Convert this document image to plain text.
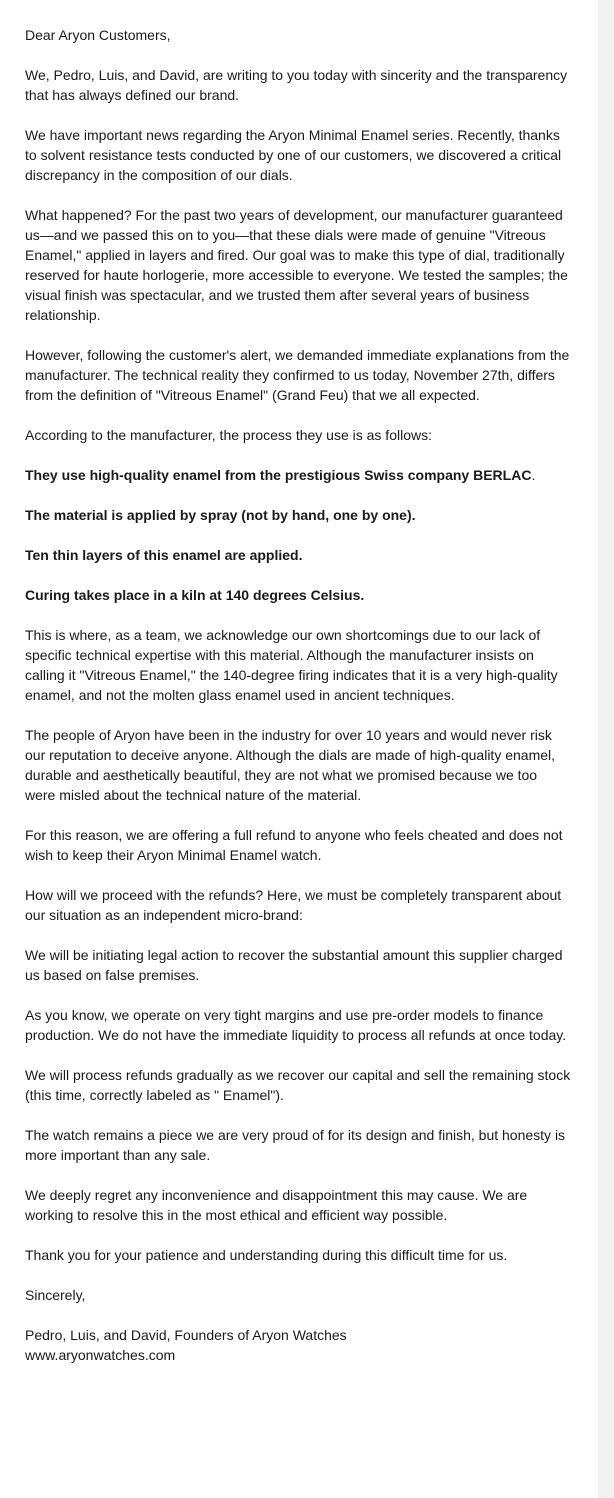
Dear Aryon Customers,

We, Pedro, Luis, and David, are writing to you today with sincerity and the transparency that has always defined our brand.

We have important news regarding the Aryon Minimal Enamel series. Recently, thanks to solvent resistance tests conducted by one of our customers, we discovered a critical discrepancy in the composition of our dials.

What happened? For the past two years of development, our manufacturer guaranteed us—and we passed this on to you—that these dials were made of genuine "Vitreous Enamel," applied in layers and fired. Our goal was to make this type of dial, traditionally reserved for haute horlogerie, more accessible to everyone. We tested the samples; the visual finish was spectacular, and we trusted them after several years of business relationship.

However, following the customer's alert, we demanded immediate explanations from the manufacturer. The technical reality they confirmed to us today, November 27th, differs from the definition of "Vitreous Enamel" (Grand Feu) that we all expected.

According to the manufacturer, the process they use is as follows:

They use high-quality enamel from the prestigious Swiss company BERLAC.

The material is applied by spray (not by hand, one by one).

Ten thin layers of this enamel are applied.

Curing takes place in a kiln at 140 degrees Celsius.

This is where, as a team, we acknowledge our own shortcomings due to our lack of specific technical expertise with this material. Although the manufacturer insists on calling it "Vitreous Enamel," the 140-degree firing indicates that it is a very high-quality enamel, and not the molten glass enamel used in ancient techniques.

The people of Aryon have been in the industry for over 10 years and would never risk our reputation to deceive anyone. Although the dials are made of high-quality enamel, durable and aesthetically beautiful, they are not what we promised because we too were misled about the technical nature of the material.

For this reason, we are offering a full refund to anyone who feels cheated and does not wish to keep their Aryon Minimal Enamel watch.

How will we proceed with the refunds? Here, we must be completely transparent about our situation as an independent micro-brand:

We will be initiating legal action to recover the substantial amount this supplier charged us based on false premises.

As you know, we operate on very tight margins and use pre-order models to finance production. We do not have the immediate liquidity to process all refunds at once today.

We will process refunds gradually as we recover our capital and sell the remaining stock (this time, correctly labeled as " Enamel").

The watch remains a piece we are very proud of for its design and finish, but honesty is more important than any sale.

We deeply regret any inconvenience and disappointment this may cause. We are working to resolve this in the most ethical and efficient way possible.

Thank you for your patience and understanding during this difficult time for us.

Sincerely,

Pedro, Luis, and David, Founders of Aryon Watches
www.aryonwatches.com
